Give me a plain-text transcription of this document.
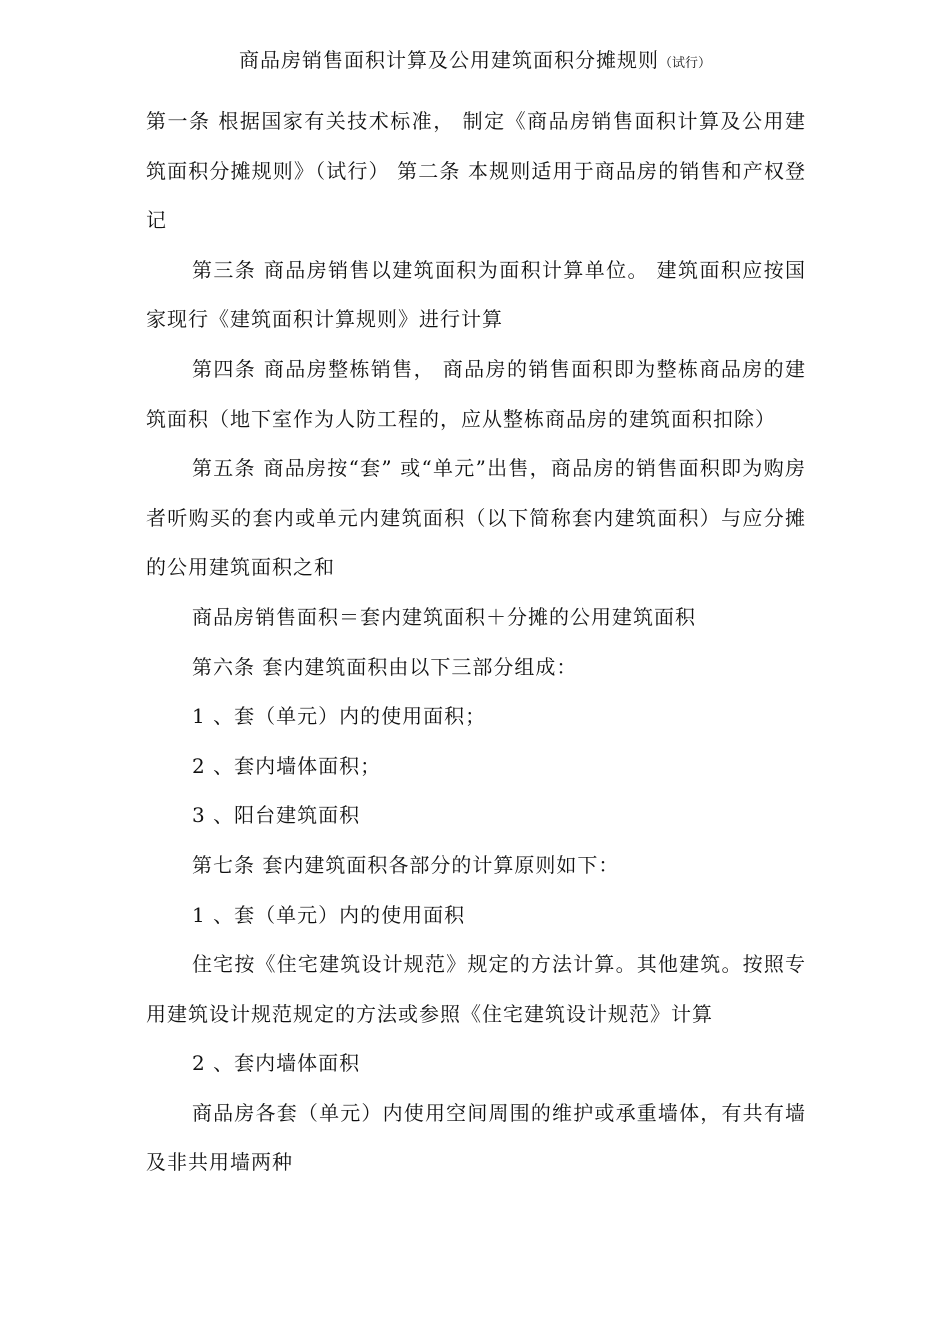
商品房销售面积计算及公用建筑面积分摊规则（试行）

第一条 根据国家有关技术标准， 制定《商品房销售面积计算及公用建筑面积分摊规则》（试行） 第二条 本规则适用于商品房的销售和产权登记

第三条 商品房销售以建筑面积为面积计算单位。 建筑面积应按国家现行《建筑面积计算规则》进行计算

第四条 商品房整栋销售， 商品房的销售面积即为整栋商品房的建筑面积（地下室作为人防工程的，应从整栋商品房的建筑面积扣除）

第五条 商品房按“套” 或“单元”出售，商品房的销售面积即为购房者听购买的套内或单元内建筑面积（以下简称套内建筑面积）与应分摊的公用建筑面积之和

商品房销售面积＝套内建筑面积＋分摊的公用建筑面积

第六条 套内建筑面积由以下三部分组成：

1 、套（单元）内的使用面积；

2 、套内墙体面积；

3 、阳台建筑面积

第七条 套内建筑面积各部分的计算原则如下：

1 、套（单元）内的使用面积

住宅按《住宅建筑设计规范》规定的方法计算。其他建筑。按照专用建筑设计规范规定的方法或参照《住宅建筑设计规范》计算

2 、套内墙体面积

商品房各套（单元）内使用空间周围的维护或承重墙体，有共有墙及非共用墙两种
